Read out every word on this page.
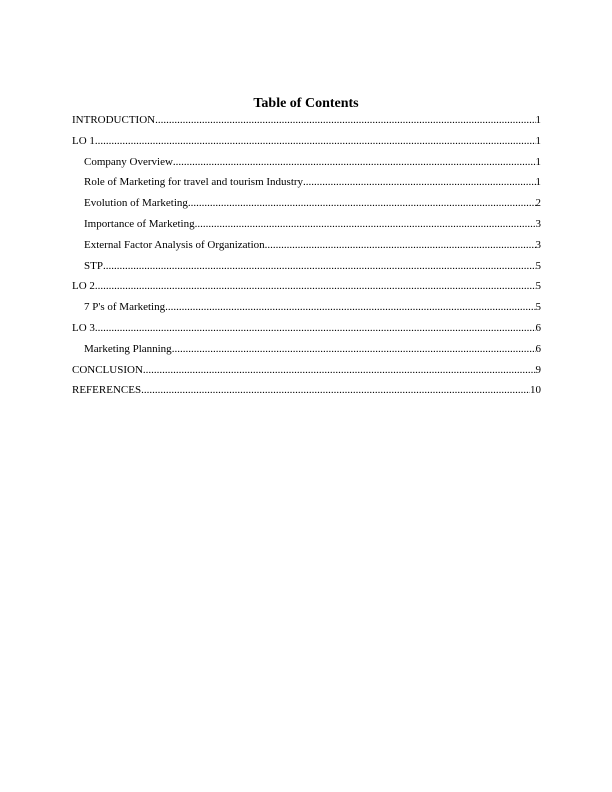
Table of Contents
INTRODUCTION .....	1
LO 1 .....	1
Company Overview .....	1
Role of Marketing for travel and tourism Industry .....	1
Evolution of Marketing .....	2
Importance of Marketing .....	3
External Factor Analysis of Organization .....	3
STP .....	5
LO 2 .....	5
7 P's of Marketing .....	5
LO 3 .....	6
Marketing Planning .....	6
CONCLUSION .....	9
REFERENCES .....	10
